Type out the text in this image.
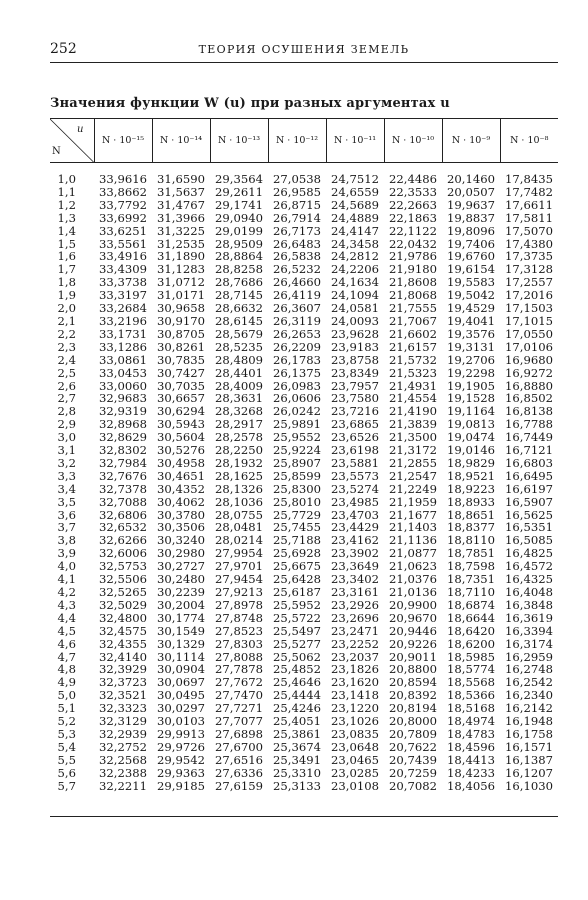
252	ТЕОРИЯ ОСУШЕНИЯ ЗЕМЕЛЬ
Значения функции W (u) при разных аргументах u
u
N	N · 10⁻¹⁵	N · 10⁻¹⁴	N · 10⁻¹³	N · 10⁻¹²	N · 10⁻¹¹	N · 10⁻¹⁰	N · 10⁻⁹	N · 10⁻⁸
1,0	33,9616	31,6590	29,3564	27,0538	24,7512	22,4486	20,1460	17,8435
1,1	33,8662	31,5637	29,2611	26,9585	24,6559	22,3533	20,0507	17,7482
1,2	33,7792	31,4767	29,1741	26,8715	24,5689	22,2663	19,9637	17,6611
1,3	33,6992	31,3966	29,0940	26,7914	24,4889	22,1863	19,8837	17,5811
1,4	33,6251	31,3225	29,0199	26,7173	24,4147	22,1122	19,8096	17,5070
1,5	33,5561	31,2535	28,9509	26,6483	24,3458	22,0432	19,7406	17,4380
1,6	33,4916	31,1890	28,8864	26,5838	24,2812	21,9786	19,6760	17,3735
1,7	33,4309	31,1283	28,8258	26,5232	24,2206	21,9180	19,6154	17,3128
1,8	33,3738	31,0712	28,7686	26,4660	24,1634	21,8608	19,5583	17,2557
1,9	33,3197	31,0171	28,7145	26,4119	24,1094	21,8068	19,5042	17,2016
2,0	33,2684	30,9658	28,6632	26,3607	24,0581	21,7555	19,4529	17,1503
2,1	33,2196	30,9170	28,6145	26,3119	24,0093	21,7067	19,4041	17,1015
2,2	33,1731	30,8705	28,5679	26,2653	23,9628	21,6602	19,3576	17,0550
2,3	33,1286	30,8261	28,5235	26,2209	23,9183	21,6157	19,3131	17,0106
2,4	33,0861	30,7835	28,4809	26,1783	23,8758	21,5732	19,2706	16,9680
2,5	33,0453	30,7427	28,4401	26,1375	23,8349	21,5323	19,2298	16,9272
2,6	33,0060	30,7035	28,4009	26,0983	23,7957	21,4931	19,1905	16,8880
2,7	32,9683	30,6657	28,3631	26,0606	23,7580	21,4554	19,1528	16,8502
2,8	32,9319	30,6294	28,3268	26,0242	23,7216	21,4190	19,1164	16,8138
2,9	32,8968	30,5943	28,2917	25,9891	23,6865	21,3839	19,0813	16,7788
3,0	32,8629	30,5604	28,2578	25,9552	23,6526	21,3500	19,0474	16,7449
3,1	32,8302	30,5276	28,2250	25,9224	23,6198	21,3172	19,0146	16,7121
3,2	32,7984	30,4958	28,1932	25,8907	23,5881	21,2855	18,9829	16,6803
3,3	32,7676	30,4651	28,1625	25,8599	23,5573	21,2547	18,9521	16,6495
3,4	32,7378	30,4352	28,1326	25,8300	23,5274	21,2249	18,9223	16,6197
3,5	32,7088	30,4062	28,1036	25,8010	23,4985	21,1959	18,8933	16,5907
3,6	32,6806	30,3780	28,0755	25,7729	23,4703	21,1677	18,8651	16,5625
3,7	32,6532	30,3506	28,0481	25,7455	23,4429	21,1403	18,8377	16,5351
3,8	32,6266	30,3240	28,0214	25,7188	23,4162	21,1136	18,8110	16,5085
3,9	32,6006	30,2980	27,9954	25,6928	23,3902	21,0877	18,7851	16,4825
4,0	32,5753	30,2727	27,9701	25,6675	23,3649	21,0623	18,7598	16,4572
4,1	32,5506	30,2480	27,9454	25,6428	23,3402	21,0376	18,7351	16,4325
4,2	32,5265	30,2239	27,9213	25,6187	23,3161	21,0136	18,7110	16,4048
4,3	32,5029	30,2004	27,8978	25,5952	23,2926	20,9900	18,6874	16,3848
4,4	32,4800	30,1774	27,8748	25,5722	23,2696	20,9670	18,6644	16,3619
4,5	32,4575	30,1549	27,8523	25,5497	23,2471	20,9446	18,6420	16,3394
4,6	32,4355	30,1329	27,8303	25,5277	23,2252	20,9226	18,6200	16,3174
4,7	32,4140	30,1114	27,8088	25,5062	23,2037	20,9011	18,5985	16,2959
4,8	32,3929	30,0904	27,7878	25,4852	23,1826	20,8800	18,5774	16,2748
4,9	32,3723	30,0697	27,7672	25,4646	23,1620	20,8594	18,5568	16,2542
5,0	32,3521	30,0495	27,7470	25,4444	23,1418	20,8392	18,5366	16,2340
5,1	32,3323	30,0297	27,7271	25,4246	23,1220	20,8194	18,5168	16,2142
5,2	32,3129	30,0103	27,7077	25,4051	23,1026	20,8000	18,4974	16,1948
5,3	32,2939	29,9913	27,6898	25,3861	23,0835	20,7809	18,4783	16,1758
5,4	32,2752	29,9726	27,6700	25,3674	23,0648	20,7622	18,4596	16,1571
5,5	32,2568	29,9542	27,6516	25,3491	23,0465	20,7439	18,4413	16,1387
5,6	32,2388	29,9363	27,6336	25,3310	23,0285	20,7259	18,4233	16,1207
5,7	32,2211	29,9185	27,6159	25,3133	23,0108	20,7082	18,4056	16,1030
